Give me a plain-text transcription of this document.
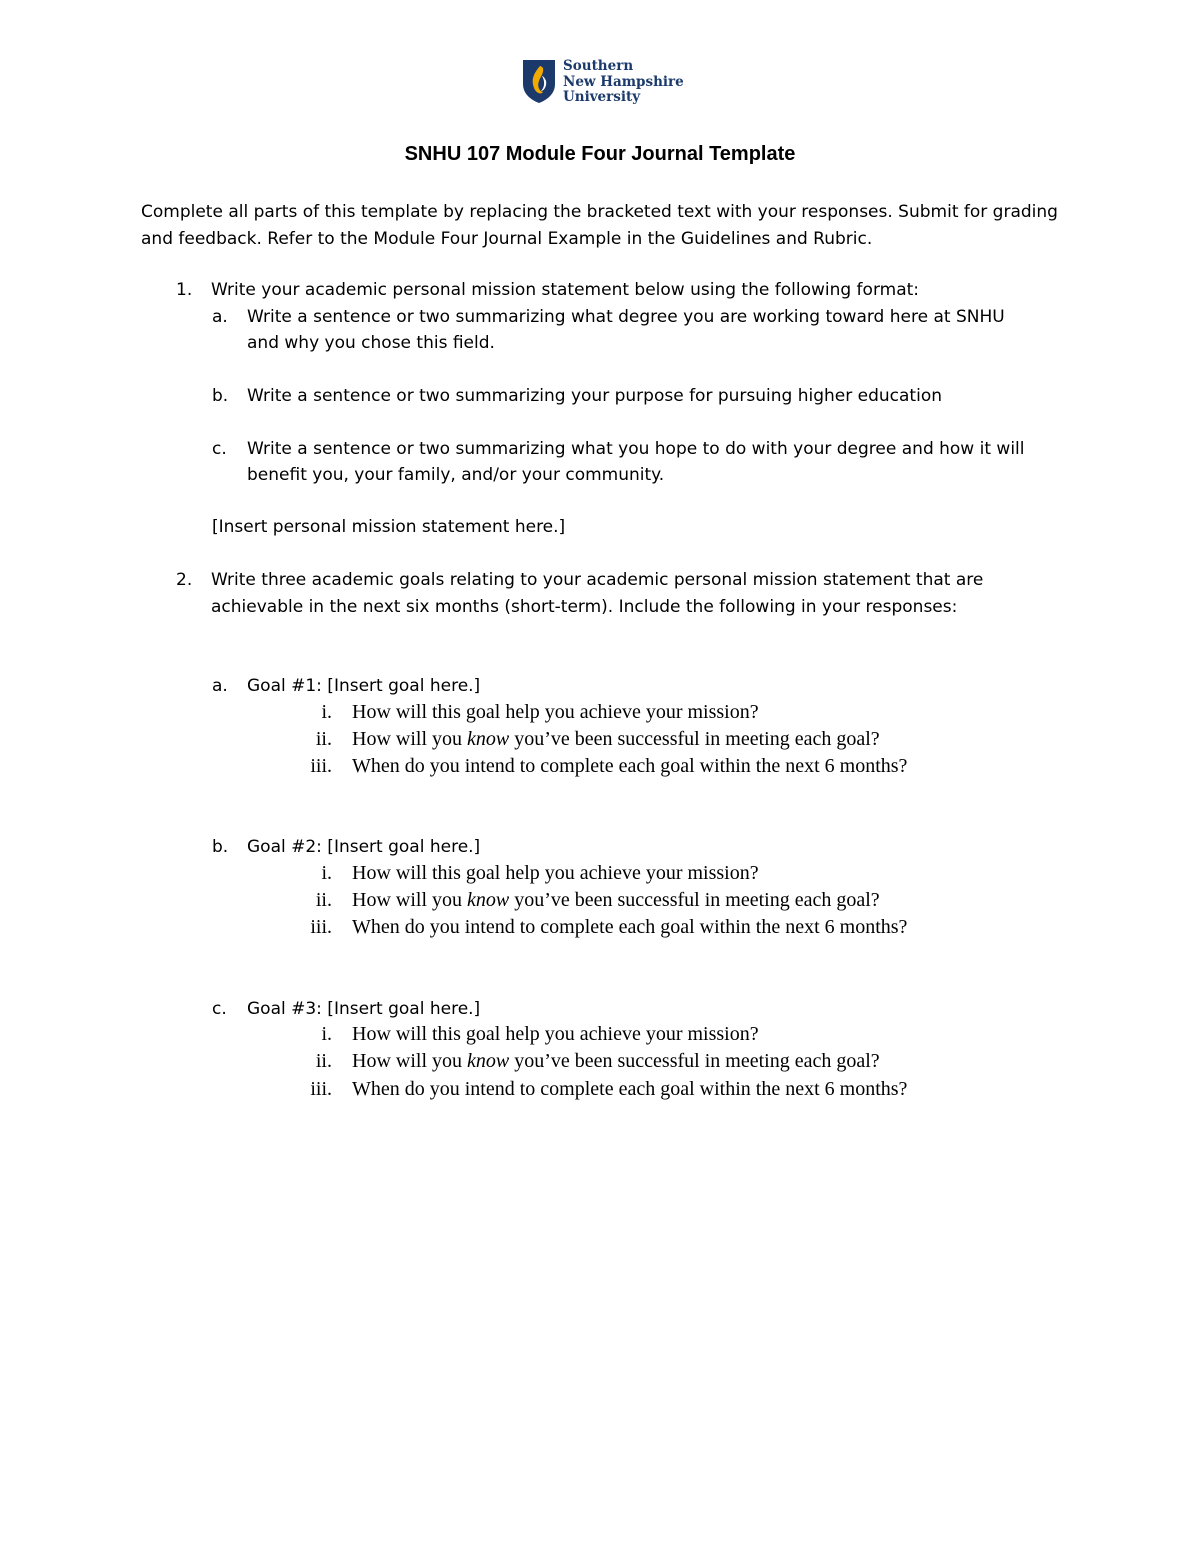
Southern
New Hampshire
University
SNHU 107 Module Four Journal Template
Complete all parts of this template by replacing the bracketed text with your responses. Submit for grading and feedback. Refer to the Module Four Journal Example in the Guidelines and Rubric.
1.	Write your academic personal mission statement below using the following format:
a.	Write a sentence or two summarizing what degree you are working toward here at SNHU
and why you chose this field.
b.	Write a sentence or two summarizing your purpose for pursuing higher education
c.	Write a sentence or two summarizing what you hope to do with your degree and how it will
benefit you, your family, and/or your community.
[Insert personal mission statement here.]
2.	Write three academic goals relating to your academic personal mission statement that are
achievable in the next six months (short-term). Include the following in your responses:
a.	Goal #1: [Insert goal here.]
i. How will this goal help you achieve your mission?
ii. How will you know you’ve been successful in meeting each goal?
iii. When do you intend to complete each goal within the next 6 months?
b.	Goal #2: [Insert goal here.]
i. How will this goal help you achieve your mission?
ii. How will you know you’ve been successful in meeting each goal?
iii. When do you intend to complete each goal within the next 6 months?
c.	Goal #3: [Insert goal here.]
i. How will this goal help you achieve your mission?
ii. How will you know you’ve been successful in meeting each goal?
iii. When do you intend to complete each goal within the next 6 months?
